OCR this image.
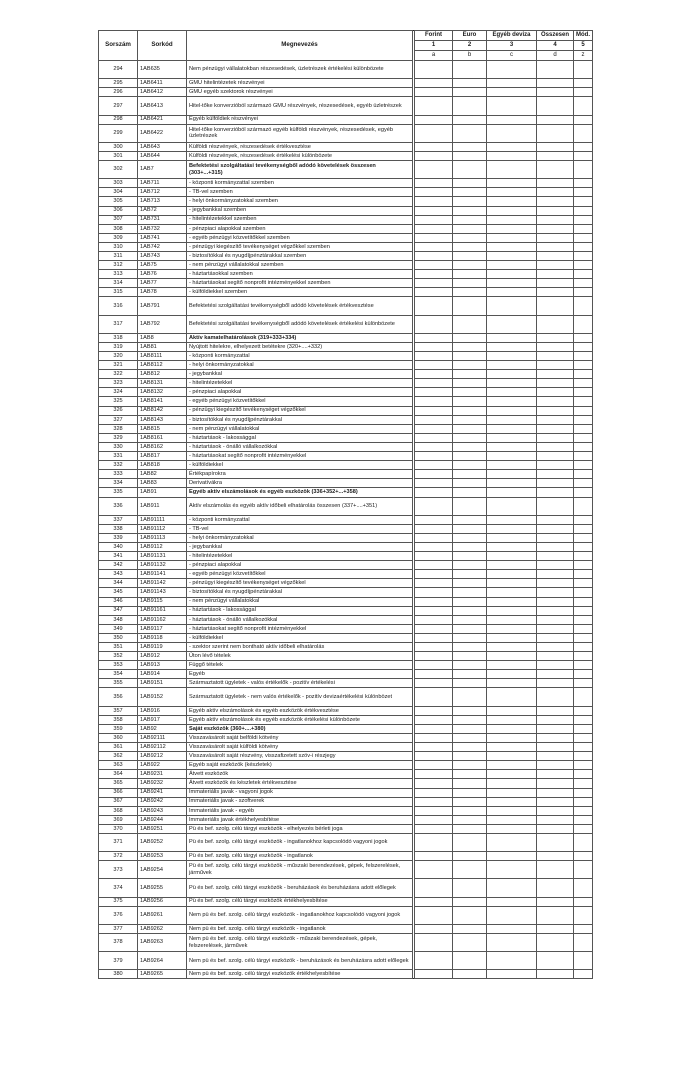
Sorszám	Sorkód	Megnevezés		Forint	Euro	Egyéb deviza	Összesen	Mód.
				1	2	3	4	5
				a	b	c	d	z
294	1AB635	Nem pénzügyi vállalatokban részesedések, üzletrészek értékelési különbözete						
295	1AB6411	GMU hitelintézetek részvényei						
296	1AB6412	GMU egyéb szektorok részvényei						
297	1AB6413	Hitel-tőke konverzióból származó GMU részvények, részesedések, egyéb üzletrészek						
298	1AB6421	Egyéb külföldiek részvényei						
299	1AB6422	Hitel-tőke konverzióból származó egyéb külföldi részvények, részesedések, egyéb üzletrészek						
300	1AB643	Külföldi részvények, részesedések értékvesztése						
301	1AB644	Külföldi részvények, részesedések értékelési különbözete						
302	1AB7	Befektetési szolgáltatási tevékenységből adódó követelések összesen (303+...+315)						
303	1AB711	- központi kormányzattal szemben						
304	1AB712	- TB-vel szemben						
305	1AB713	- helyi önkormányzatokkal szemben						
306	1AB72	- jegybankkal szemben						
307	1AB731	- hitelintézetekkel szemben						
308	1AB732	- pénzpiaci alapokkal szemben						
309	1AB741	- egyéb pénzügyi közvetítőkkel szemben						
310	1AB742	- pénzügyi kiegészítő tevékenységet végzőkkel szemben						
311	1AB743	- biztosítókkal és nyugdíjpénztárakkal szemben						
312	1AB75	- nem pénzügyi vállalatokkal szemben						
313	1AB76	- háztartásokkal szemben						
314	1AB77	- háztartásokat segítő nonprofit intézményekkel szemben						
315	1AB78	- külföldiekkel szemben						
316	1AB791	Befektetési szolgáltatási tevékenységből adódó követelések értékvesztése						
317	1AB792	Befektetési szolgáltatási tevékenységből adódó követelések értékelési különbözete						
318	1AB8	Aktív kamatelhatárolások (319+333+334)						
319	1AB81	Nyújtott hitelekre, elhelyezett betétekre (320+....+332)						
320	1AB8111	- központi kormányzattal						
321	1AB8112	- helyi önkormányzatokkal						
322	1AB812	- jegybankkal						
323	1AB8131	- hitelintézetekkel						
324	1AB8132	- pénzpiaci alapokkal						
325	1AB8141	- egyéb pénzügyi közvetítőkkel						
326	1AB8142	- pénzügyi kiegészítő tevékenységet végzőkkel						
327	1AB8143	- biztosítókkal és nyugdíjpénztárakkal						
328	1AB815	- nem pénzügyi vállalatokkal						
329	1AB8161	- háztartások - lakossággal						
330	1AB8162	- háztartások - önálló vállalkozókkal						
331	1AB817	- háztartásokat segítő nonprofit intézményekkel						
332	1AB818	- külföldiekkel						
333	1AB82	Értékpapírokra						
334	1AB83	Derivatívákra						
335	1AB91	Egyéb aktív elszámolások és egyéb eszközök (336+352+...+358)						
336	1AB911	Aktív elszámolás és egyéb aktív időbeli elhatárolás összesen (337+....+351)						
337	1AB91111	- központi kormányzattal						
338	1AB91112	- TB-vel						
339	1AB91113	- helyi önkormányzatokkal						
340	1AB9112	- jegybankkal						
341	1AB91131	- hitelintézetekkel						
342	1AB91132	- pénzpiaci alapokkal						
343	1AB91141	- egyéb pénzügyi közvetítőkkel						
344	1AB91142	- pénzügyi kiegészítő tevékenységet végzőkkel						
345	1AB91143	- biztosítókkal és nyugdíjpénztárakkal						
346	1AB9115	- nem pénzügyi vállalatokkal						
347	1AB91161	- háztartások - lakossággal						
348	1AB91162	- háztartások - önálló vállalkozókkal						
349	1AB9117	- háztartásokat segítő nonprofit intézményekkel						
350	1AB9118	- külföldiekkel						
351	1AB9119	- szektor szerint nem bontható aktív időbeli elhatárolás						
352	1AB912	Úton lévő tételek						
353	1AB913	Függő tételek						
354	1AB914	Egyéb						
355	1AB9151	Származtatott ügyletek - valós értékelők - pozitív értékelési						
356	1AB9152	Származtatott ügyletek - nem valós értékelők - pozitív devizaértékelési különbözet						
357	1AB916	Egyéb aktív elszámolások és egyéb eszközök értékvesztése						
358	1AB917	Egyéb aktív elszámolások és egyéb eszközök értékelési különbözete						
359	1AB92	Saját eszközök (360+....+380)						
360	1AB92111	Visszavásárolt saját belföldi kötvény						
361	1AB92112	Visszavásárolt saját külföldi kötvény						
362	1AB9212	Visszavásárolt saját részvény, visszafizetett szöv-i részjegy						
363	1AB922	Egyéb saját eszközök (készletek)						
364	1AB9231	Átvett eszközök						
365	1AB9232	Átvett eszközök és készletek értékvesztése						
366	1AB9241	Immateriális javak - vagyoni jogok						
367	1AB9242	Immateriális javak - szoftverek						
368	1AB9243	Immateriális javak - egyéb						
369	1AB9244	Immateriális javak értékhelyesbítése						
370	1AB9251	Pü és bef. szolg. célú tárgyi eszközök - elhelyezés bérleti joga						
371	1AB9252	Pü és bef. szolg. célú tárgyi eszközök - ingatlanokhoz kapcsolódó vagyoni jogok						
372	1AB9253	Pü és bef. szolg. célú tárgyi eszközök - ingatlanok						
373	1AB9254	Pü és bef. szolg. célú tárgyi eszközök - műszaki berendezések, gépek, felszerelések, járművek						
374	1AB9255	Pü és bef. szolg. célú tárgyi eszközök - beruházások és beruházásra adott előlegek						
375	1AB9256	Pü és bef. szolg. célú tárgyi eszközök értékhelyesbítése						
376	1AB9261	Nem pü és bef. szolg. célú tárgyi eszközök - ingatlanokhoz kapcsolódó vagyoni jogok						
377	1AB9262	Nem pü és bef. szolg. célú tárgyi eszközök - ingatlanok						
378	1AB9263	Nem pü és bef. szolg. célú tárgyi eszközök - műszaki berendezések, gépek, felszerelések, járművek						
379	1AB9264	Nem pü és bef. szolg. célú tárgyi eszközök - beruházások és beruházásra adott előlegek						
380	1AB9265	Nem pü és bef. szolg. célú tárgyi eszközök értékhelyesbítése						
